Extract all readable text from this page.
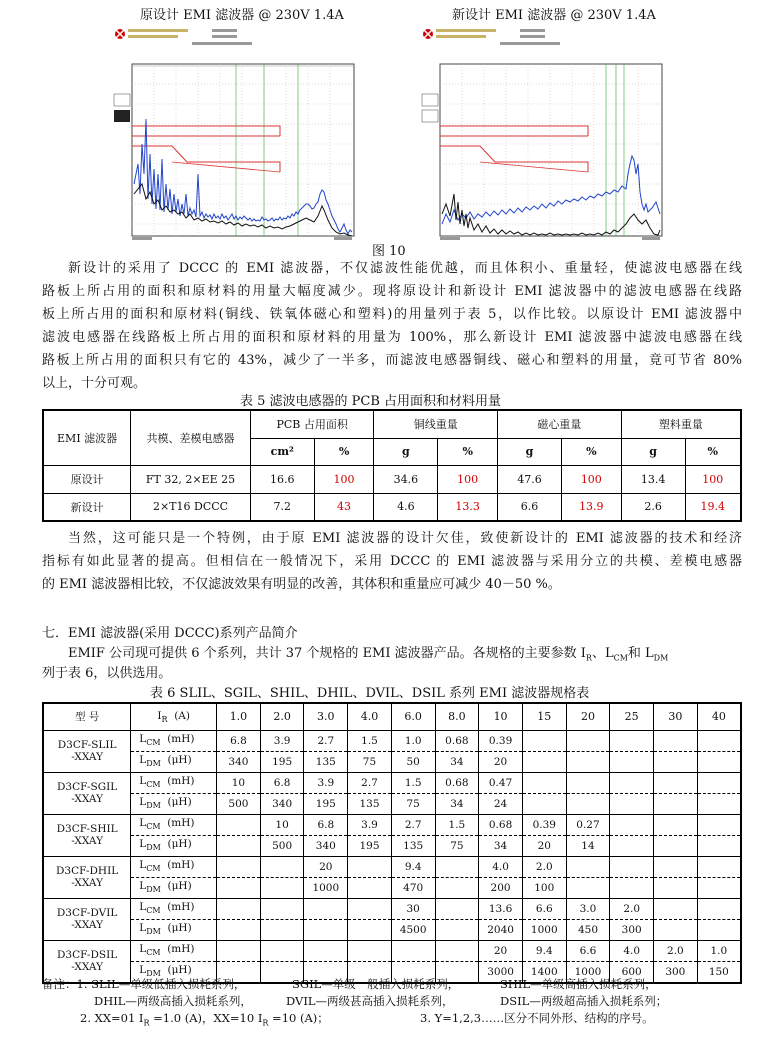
原设计 EMI 滤波器 @ 230V 1.4A	新设计 EMI 滤波器 @ 230V 1.4A
图 10
新设计的采用了 DCCC 的 EMI 滤波器，不仅滤波性能优越，而且体积小、重量轻，使滤波电感器在线
路板上所占用的面积和原材料的用量大幅度减少。现将原设计和新设计 EMI 滤波器中的滤波电感器在线路
板上所占用的面积和原材料(铜线、铁氧体磁心和塑料)的用量列于表 5，以作比较。以原设计 EMI 滤波器中
滤波电感器在线路板上所占用的面积和原材料的用量为 100%，那么新设计 EMI 滤波器中滤波电感器在线
路板上所占用的面积只有它的 43%，减少了一半多，而滤波电感器铜线、磁心和塑料的用量，竟可节省 80%
以上，十分可观。
表 5 滤波电感器的 PCB 占用面积和材料用量
EMI 滤波器	共模、差模电感器	PCB 占用面积		铜线重量		磁心重量		塑料重量	
		cm²	%	g	%	g	%	g	%
原设计	FT 32, 2×EE 25	16.6	100	34.6	100	47.6	100	13.4	100
新设计	2×T16 DCCC	7.2	43	4.6	13.3	6.6	13.9	2.6	19.4
当然，这可能只是一个特例，由于原 EMI 滤波器的设计欠佳，致使新设计的 EMI 滤波器的技术和经济
指标有如此显著的提高。但相信在一般情况下，采用 DCCC 的 EMI 滤波器与采用分立的共模、差模电感器
的 EMI 滤波器相比较，不仅滤波效果有明显的改善，其体积和重量应可减少 40－50 %。
七．EMI 滤波器(采用 DCCC)系列产品简介
EMIF 公司现可提供 6 个系列，共计 37 个规格的 EMI 滤波器产品。各规格的主要参数 $I_R$、$L_{CM}$和 $L_{DM}$
列于表 6，以供选用。
表 6 SLIL、SGIL、SHIL、DHIL、DVIL、DSIL 系列 EMI 滤波器规格表
型 号	$I_R$ (A)	1.0	2.0	3.0	4.0	6.0	8.0	10	15	20	25	30	40

D3CF-SLIL
-XXAY	$L_{CM}$ (mH)	6.8	3.9	2.7	1.5	1.0	0.68	0.39					
	$L_{DM}$ (μH)	340	195	135	75	50	34	20					

D3CF-SGIL
-XXAY	$L_{CM}$ (mH)	10	6.8	3.9	2.7	1.5	0.68	0.47					
	$L_{DM}$ (μH)	500	340	195	135	75	34	24					

D3CF-SHIL
-XXAY	$L_{CM}$ (mH)		10	6.8	3.9	2.7	1.5	0.68	0.39	0.27			
	$L_{DM}$ (μH)		500	340	195	135	75	34	20	14			

D3CF-DHIL
-XXAY	$L_{CM}$ (mH)			20		9.4		4.0	2.0				
	$L_{DM}$ (μH)			1000		470		200	100				

D3CF-DVIL
-XXAY	$L_{CM}$ (mH)					30		13.6	6.6	3.0	2.0		
	$L_{DM}$ (μH)					4500		2040	1000	450	300		

D3CF-DSIL
-XXAY	$L_{CM}$ (mH)							20	9.4	6.6	4.0	2.0	1.0
	$L_{DM}$ (μH)							3000	1400	1000	600	300	150
备注：1. SLIL—单级低插入损耗系列，	SGIL—单级一般插入损耗系列，	SHIL—单级高插入损耗系列，
DHIL—两级高插入损耗系列，	DVIL—两级甚高插入损耗系列，	DSIL—两级超高插入损耗系列；
2. XX=01 $I_R =1.0$ (A)，XX=10 $I_R =10$ (A)；	3. Y=1,2,3……区分不同外形、结构的序号。
